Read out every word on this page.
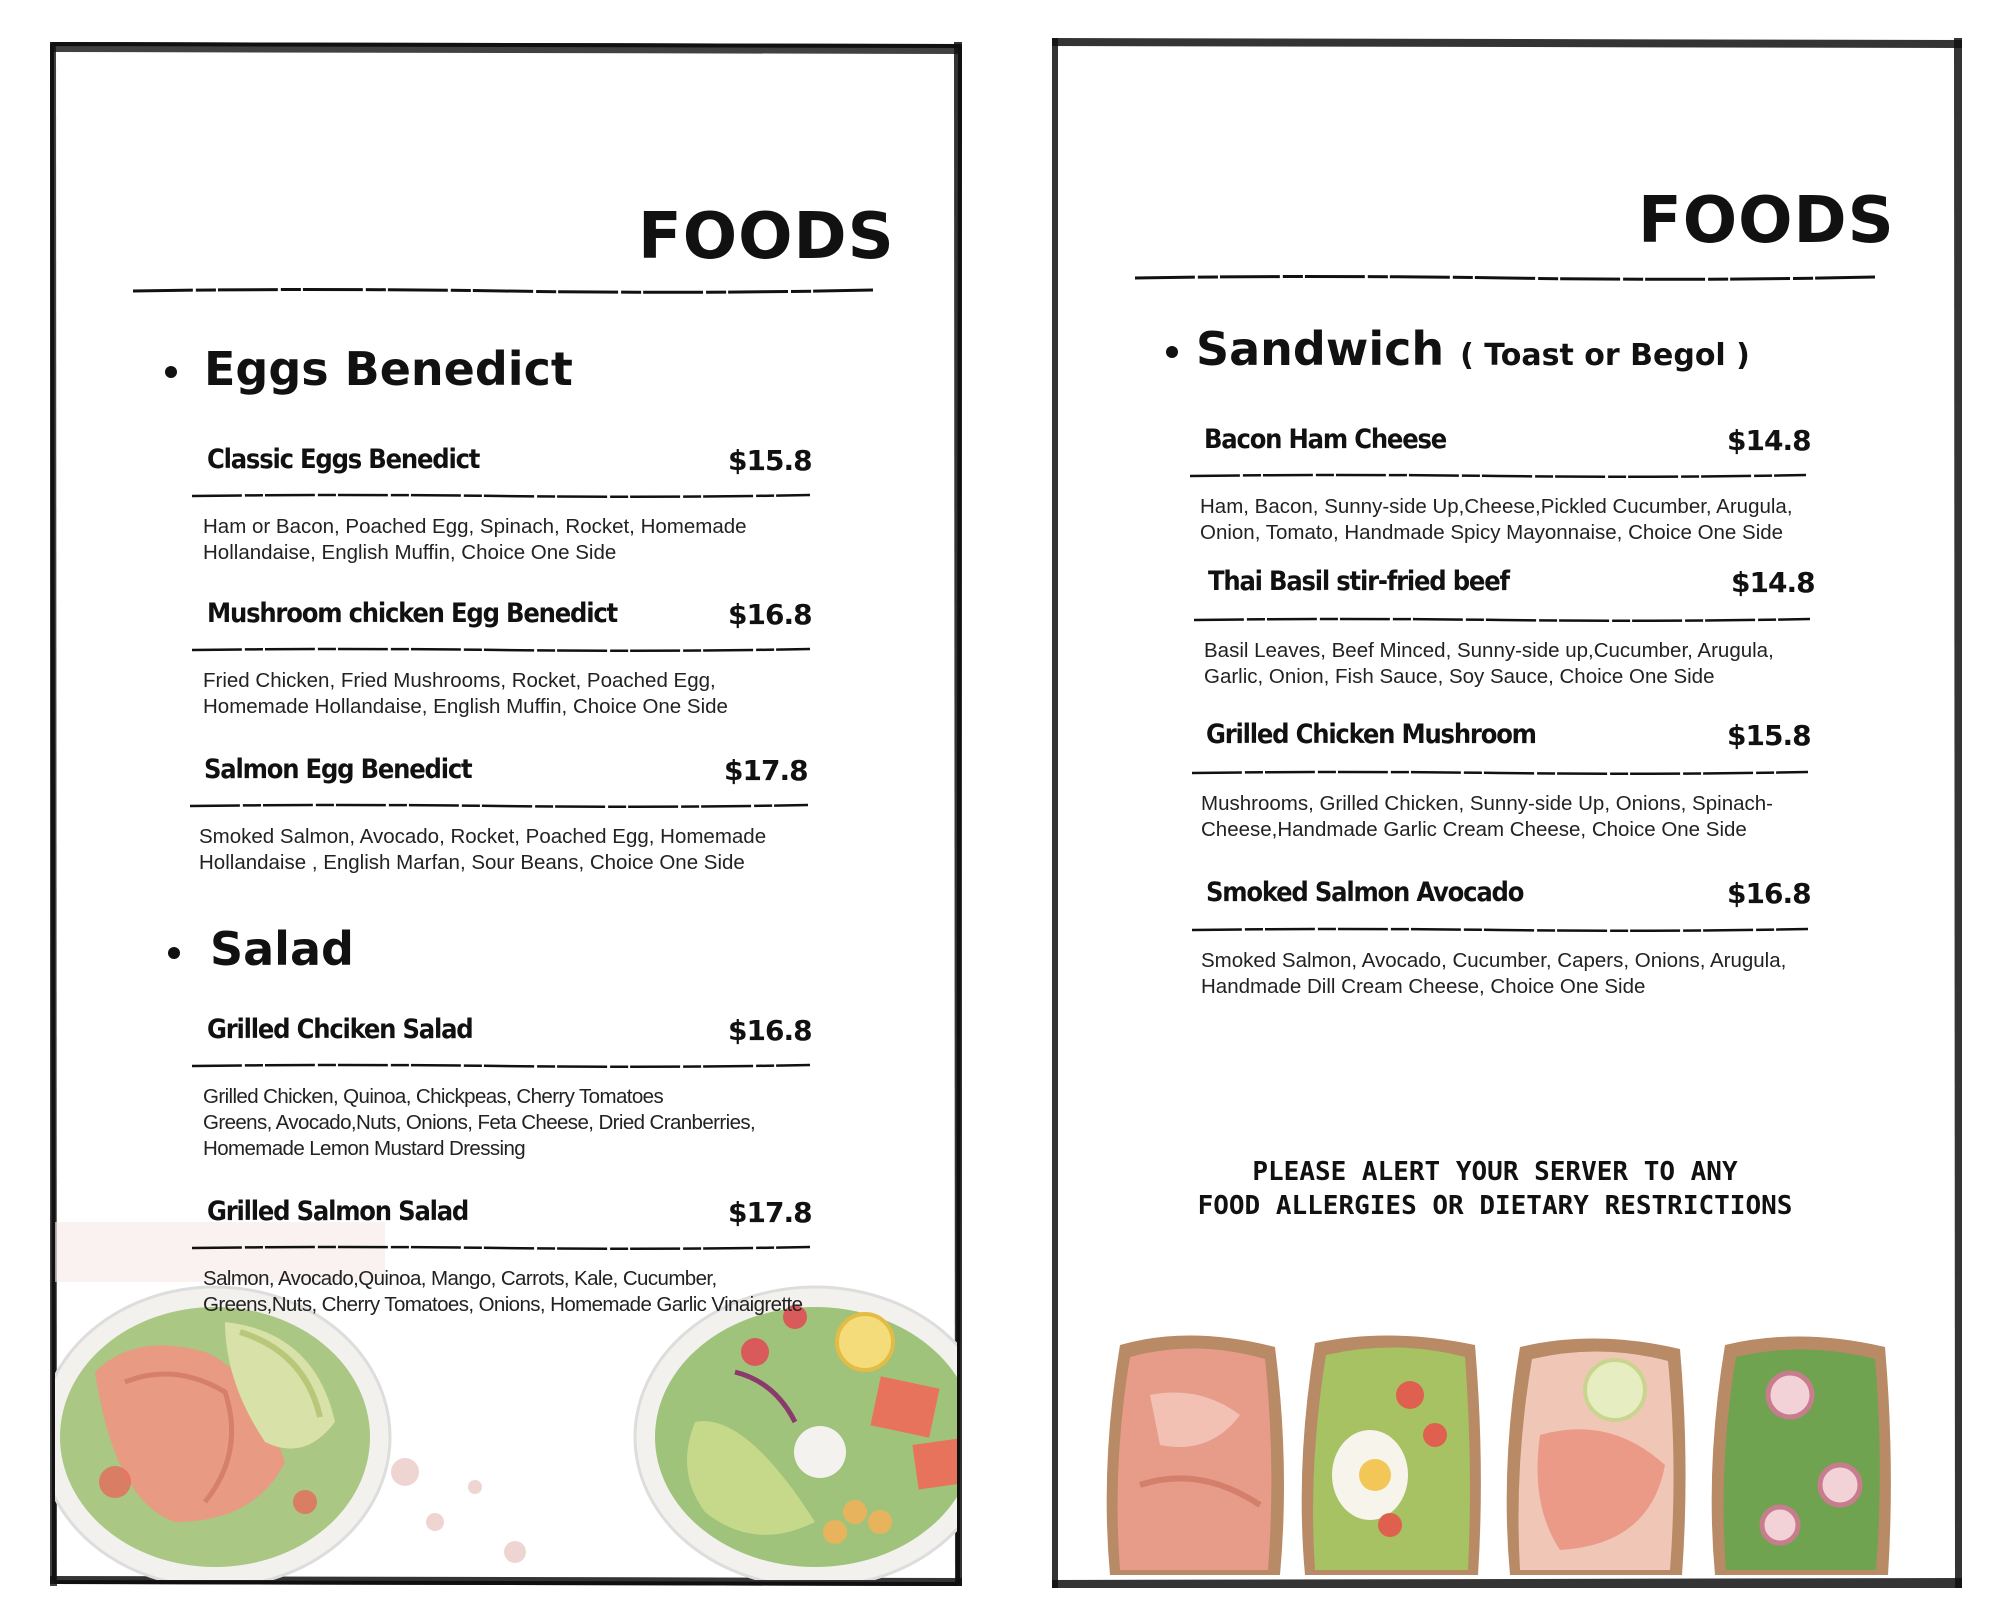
FOODS
Eggs Benedict
Classic Eggs Benedict	$15.8
Ham or Bacon, Poached Egg, Spinach, Rocket, Homemade
Hollandaise, English Muffin, Choice One Side
Mushroom chicken Egg Benedict	$16.8
Fried Chicken, Fried Mushrooms, Rocket, Poached Egg,
Homemade Hollandaise, English Muffin, Choice One Side
Salmon Egg Benedict	$17.8
Smoked Salmon, Avocado, Rocket, Poached Egg, Homemade
Hollandaise , English Marfan, Sour Beans, Choice One Side
Salad
Grilled Chciken Salad	$16.8
Grilled Chicken, Quinoa, Chickpeas, Cherry Tomatoes
Greens, Avocado,Nuts, Onions, Feta Cheese, Dried Cranberries,
Homemade Lemon Mustard Dressing
Grilled Salmon Salad	$17.8
Salmon, Avocado,Quinoa, Mango, Carrots, Kale, Cucumber,
Greens,Nuts, Cherry Tomatoes, Onions, Homemade Garlic Vinaigrette
FOODS
Sandwich ( Toast or Begol )
Bacon Ham Cheese	$14.8
Ham, Bacon, Sunny-side Up,Cheese,Pickled Cucumber, Arugula,
Onion, Tomato, Handmade Spicy Mayonnaise, Choice One Side
Thai Basil stir-fried beef	$14.8
Basil Leaves, Beef Minced, Sunny-side up,Cucumber, Arugula,
Garlic, Onion, Fish Sauce, Soy Sauce, Choice One Side
Grilled Chicken Mushroom	$15.8
Mushrooms, Grilled Chicken, Sunny-side Up, Onions, Spinach-
Cheese,Handmade Garlic Cream Cheese, Choice One Side
Smoked Salmon Avocado	$16.8
Smoked Salmon, Avocado, Cucumber, Capers, Onions, Arugula,
Handmade Dill Cream Cheese, Choice One Side
PLEASE ALERT YOUR SERVER TO ANY
FOOD ALLERGIES OR DIETARY RESTRICTIONS
